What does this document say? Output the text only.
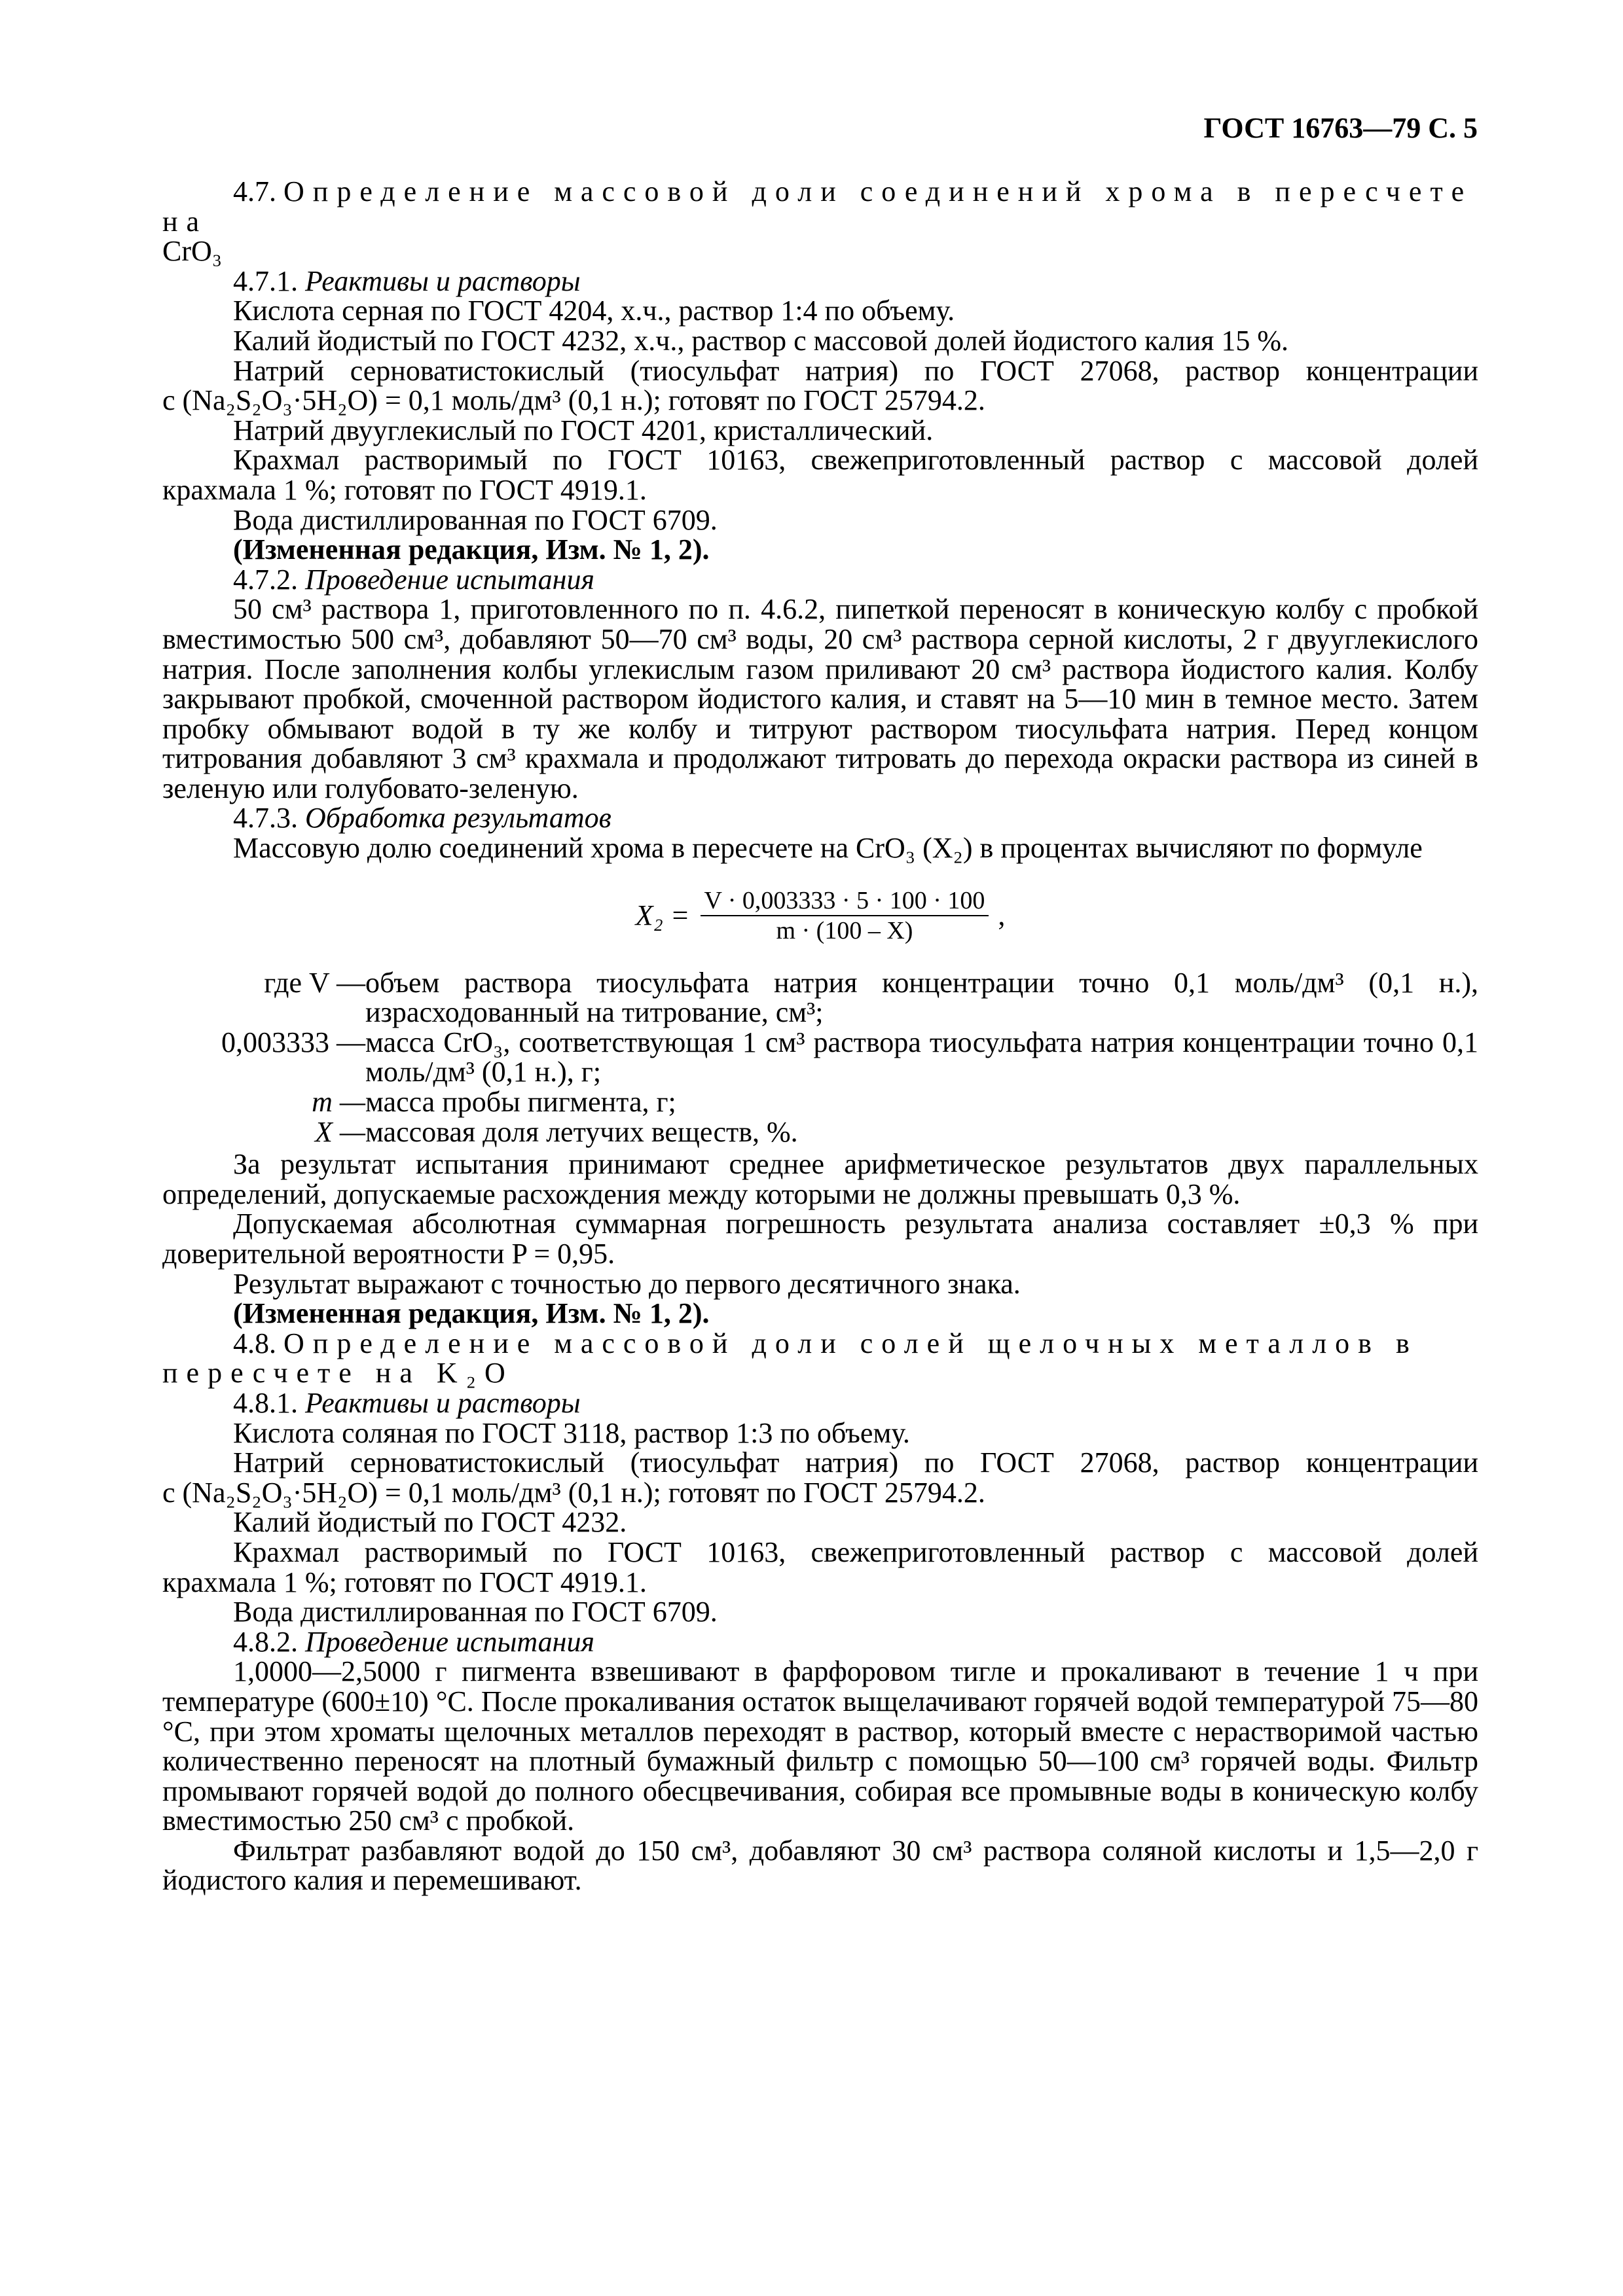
ГОСТ 16763—79 С. 5

4.7. Определение массовой доли соединений хрома в пересчете на

CrO₃

4.7.1. Реактивы и растворы

Кислота серная по ГОСТ 4204, х.ч., раствор 1:4 по объему.

Калий йодистый по ГОСТ 4232, х.ч., раствор с массовой долей йодистого калия 15 %.

Натрий серноватистокислый (тиосульфат натрия) по ГОСТ 27068, раствор концентрации

c (Na₂S₂O₃·5H₂O) = 0,1 моль/дм³ (0,1 н.); готовят по ГОСТ 25794.2.

Натрий двууглекислый по ГОСТ 4201, кристаллический.

Крахмал растворимый по ГОСТ 10163, свежеприготовленный раствор с массовой долей

крахмала 1 %; готовят по ГОСТ 4919.1.

Вода дистиллированная по ГОСТ 6709.

(Измененная редакция, Изм. № 1, 2).

4.7.2. Проведение испытания

50 см³ раствора 1, приготовленного по п. 4.6.2, пипеткой переносят в коническую колбу с пробкой вместимостью 500 см³, добавляют 50—70 см³ воды, 20 см³ раствора серной кислоты, 2 г двууглекислого натрия. После заполнения колбы углекислым газом приливают 20 см³ раствора йодистого калия. Колбу закрывают пробкой, смоченной раствором йодистого калия, и ставят на 5—10 мин в темное место. Затем пробку обмывают водой в ту же колбу и титруют раствором тиосульфата натрия. Перед концом титрования добавляют 3 см³ крахмала и продолжают титровать до перехода окраски раствора из синей в зеленую или голубовато-зеленую.

4.7.3. Обработка результатов

Массовую долю соединений хрома в пересчете на CrO₃ (X₂) в процентах вычисляют по формуле

$X_2 = \frac{V \cdot 0,003333 \cdot 5 \cdot 100 \cdot 100}{m \cdot (100 - X)}$ ,
где V —	объем раствора тиосульфата натрия концентрации точно 0,1 моль/дм³ (0,1 н.), израсходованный на титрование, см³;
0,003333 —	масса CrO₃, соответствующая 1 см³ раствора тиосульфата натрия концентрации точно 0,1 моль/дм³ (0,1 н.), г;
m —	масса пробы пигмента, г;
X —	массовая доля летучих веществ, %.

За результат испытания принимают среднее арифметическое результатов двух параллельных определений, допускаемые расхождения между которыми не должны превышать 0,3 %.

Допускаемая абсолютная суммарная погрешность результата анализа составляет ±0,3 % при доверительной вероятности P = 0,95.

Результат выражают с точностью до первого десятичного знака.

(Измененная редакция, Изм. № 1, 2).

4.8. Определение массовой доли солей щелочных металлов в пересчете на K₂O

4.8.1. Реактивы и растворы

Кислота соляная по ГОСТ 3118, раствор 1:3 по объему.

Натрий серноватистокислый (тиосульфат натрия) по ГОСТ 27068, раствор концентрации

c (Na₂S₂O₃·5H₂O) = 0,1 моль/дм³ (0,1 н.); готовят по ГОСТ 25794.2.

Калий йодистый по ГОСТ 4232.

Крахмал растворимый по ГОСТ 10163, свежеприготовленный раствор с массовой долей

крахмала 1 %; готовят по ГОСТ 4919.1.

Вода дистиллированная по ГОСТ 6709.

4.8.2. Проведение испытания

1,0000—2,5000 г пигмента взвешивают в фарфоровом тигле и прокаливают в течение 1 ч при температуре (600±10) °C. После прокаливания остаток выщелачивают горячей водой температурой 75—80 °C, при этом хроматы щелочных металлов переходят в раствор, который вместе с нерастворимой частью количественно переносят на плотный бумажный фильтр с помощью 50—100 см³ горячей воды. Фильтр промывают горячей водой до полного обесцвечивания, собирая все промывные воды в коническую колбу вместимостью 250 см³ с пробкой.

Фильтрат разбавляют водой до 150 см³, добавляют 30 см³ раствора соляной кислоты и 1,5—2,0 г йодистого калия и перемешивают.
